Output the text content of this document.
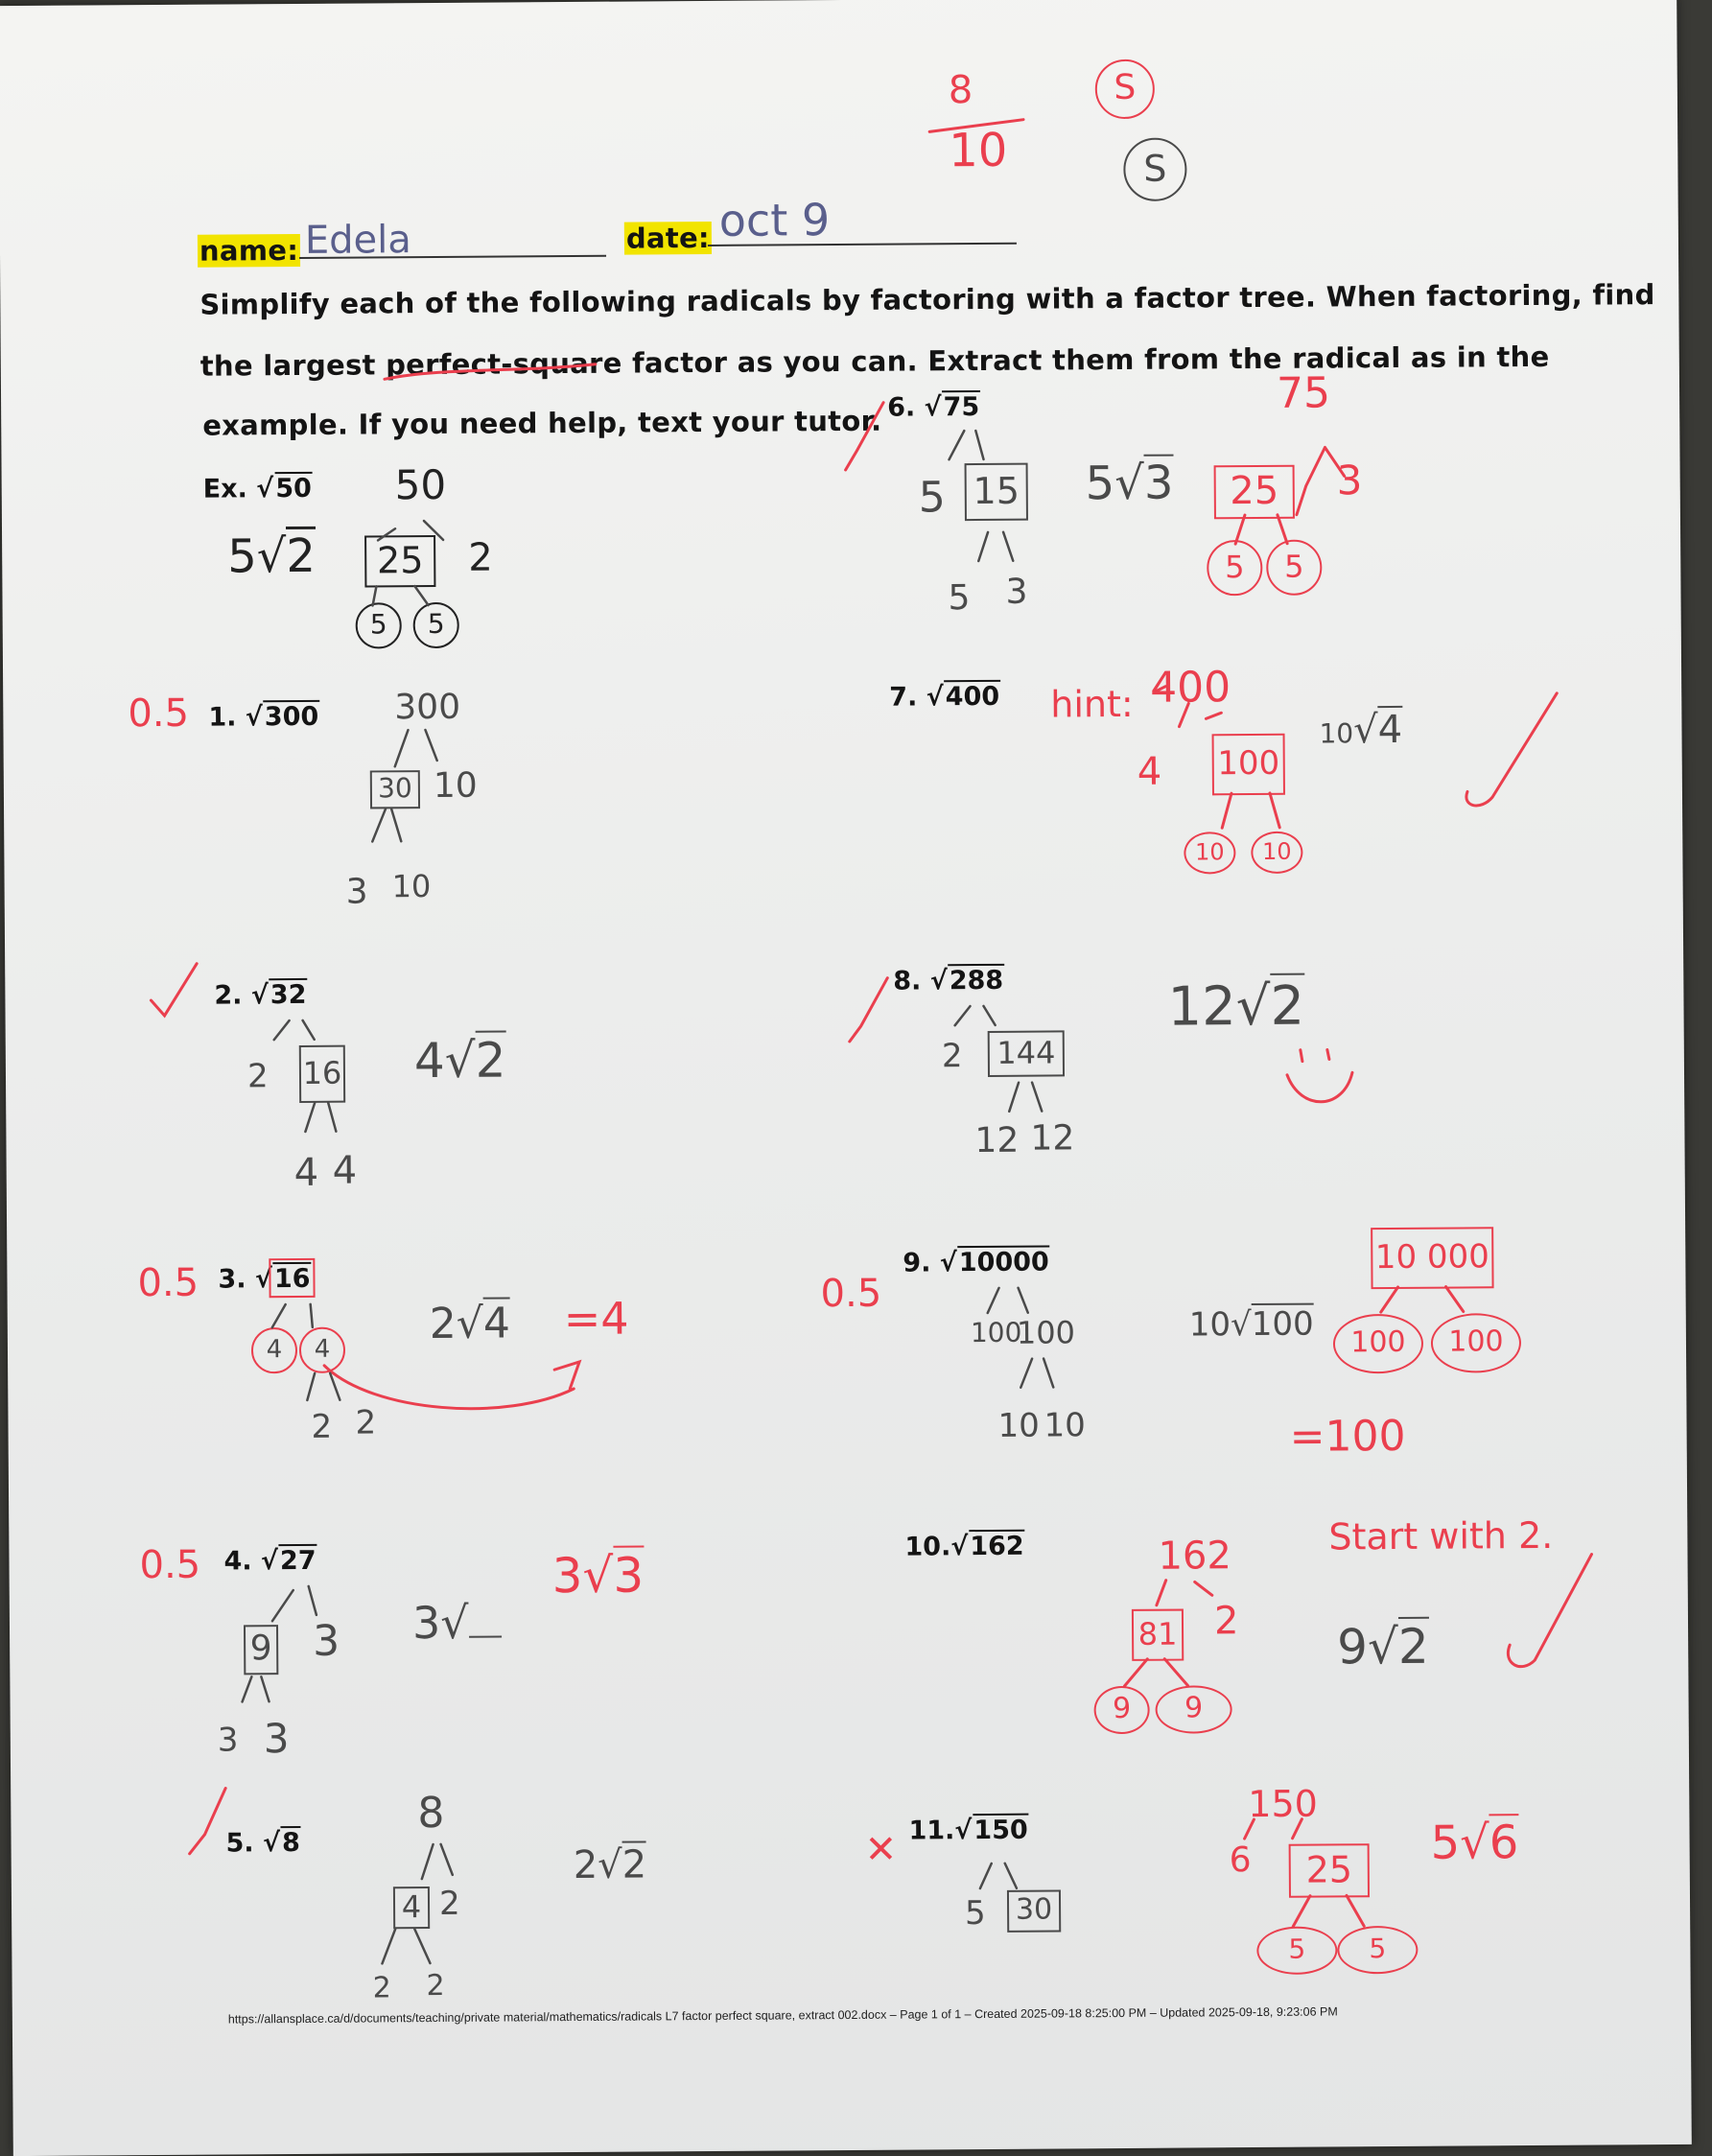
8
10
S
S
name: Edela	date: oct 9
Simplify each of the following radicals by factoring with a factor tree. When factoring, find
the largest perfect-square factor as you can. Extract them from the radical as in the
example. If you need help, text your tutor.
Ex. √50
5√2
50
25	2
5	5
0.5 1. √300 300
30 10
3 10
2. √32
2 16
4 4
4√2
0.5 3. √16
4	4
2 2
2√4 =4
0.5 4. √27
9 3
3 3
3√
3√3
5. √8
8
4 2
2 2
2√2
6. √75
5 15
5 3
5√3
75
25	3
5	5
7. √400 hint: 400
4 100
10	10
10√4
8. √288
2 144
12 12
12√2
0.5
9. √10000
100
100
10 10
10√100
10 000
100	100
=100
10.√162	Start with 2.
162
81 2
9	9
9√2
✕ 11.√150
5 30
150
6	25
5	5
5√6
https://allansplace.ca/d/documents/teaching/private material/mathematics/radicals L7 factor perfect square, extract 002.docx – Page 1 of 1 – Created 2025-09-18 8:25:00 PM – Updated 2025-09-18, 9:23:06 PM
